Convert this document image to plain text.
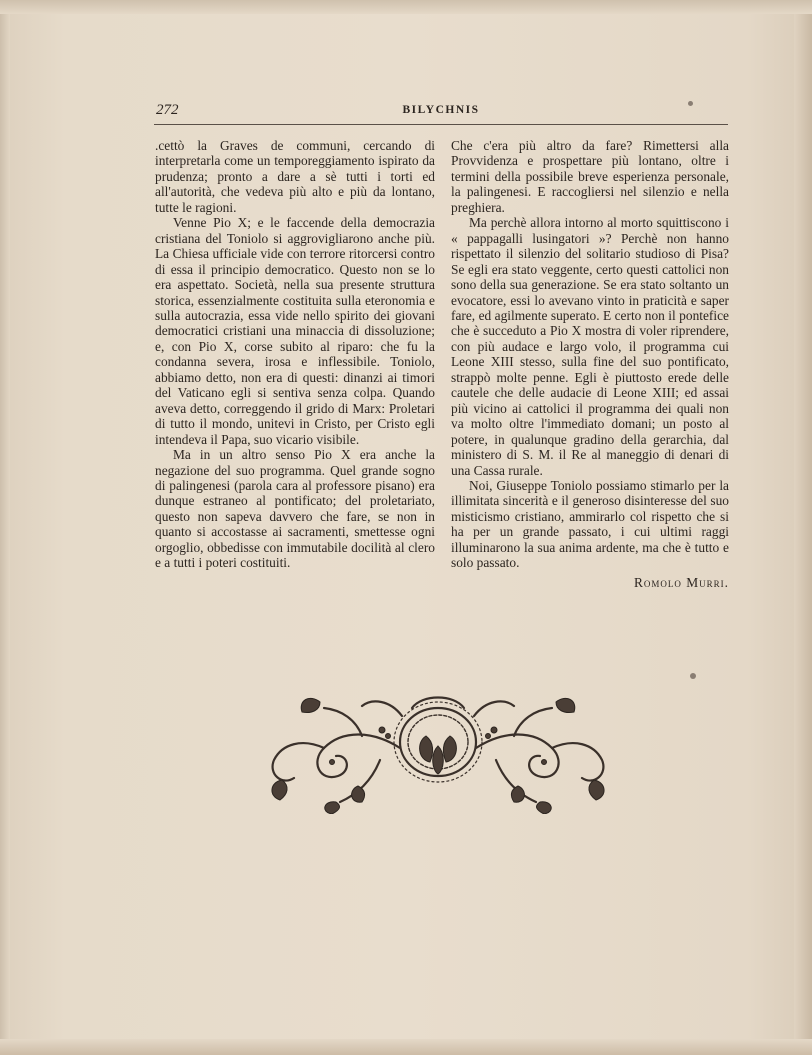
272	BILYCHNIS

.cettò la Graves de communi, cercando di interpretarla come un temporeggiamento ispirato da prudenza; pronto a dare a sè tutti i torti ed all'autorità, che vedeva più alto e più da lontano, tutte le ragioni.

Venne Pio X; e le faccende della democrazia cristiana del Toniolo si aggrovigliarono anche più. La Chiesa ufficiale vide con terrore ritorcersi contro di essa il principio democratico. Questo non se lo era aspettato. Società, nella sua presente struttura storica, essenzialmente costituita sulla eteronomia e sulla autocrazia, essa vide nello spirito dei giovani democratici cristiani una minaccia di dissoluzione; e, con Pio X, corse subito al riparo: che fu la condanna severa, irosa e inflessibile. Toniolo, abbiamo detto, non era di questi: dinanzi ai timori del Vaticano egli si sentiva senza colpa. Quando aveva detto, correggendo il grido di Marx: Proletari di tutto il mondo, unitevi in Cristo, per Cristo egli intendeva il Papa, suo vicario visibile.

Ma in un altro senso Pio X era anche la negazione del suo programma. Quel grande sogno di palingenesi (parola cara al professore pisano) era dunque estraneo al pontificato; del proletariato, questo non sapeva davvero che fare, se non in quanto si accostasse ai sacramenti, smettesse ogni orgoglio, obbedisse con immutabile docilità al clero e a tutti i poteri costituiti.

Che c'era più altro da fare? Rimettersi alla Provvidenza e prospettare più lontano, oltre i termini della possibile breve esperienza personale, la palingenesi. E raccogliersi nel silenzio e nella preghiera.

Ma perchè allora intorno al morto squittiscono i « pappagalli lusingatori »? Perchè non hanno rispettato il silenzio del solitario studioso di Pisa? Se egli era stato veggente, certo questi cattolici non sono della sua generazione. Se era stato soltanto un evocatore, essi lo avevano vinto in praticità e saper fare, ed agilmente superato. E certo non il pontefice che è succeduto a Pio X mostra di voler riprendere, con più audace e largo volo, il programma cui Leone XIII stesso, sulla fine del suo pontificato, strappò molte penne. Egli è piuttosto erede delle cautele che delle audacie di Leone XIII; ed assai più vicino ai cattolici il programma dei quali non va molto oltre l'immediato domani; un posto al potere, in qualunque gradino della gerarchia, dal ministero di S. M. il Re al maneggio di denari di una Cassa rurale.

Noi, Giuseppe Toniolo possiamo stimarlo per la illimitata sincerità e il generoso disinteresse del suo misticismo cristiano, ammirarlo col rispetto che si ha per un grande passato, i cui ultimi raggi illuminarono la sua anima ardente, ma che è tutto e solo passato.

Romolo Murri.
